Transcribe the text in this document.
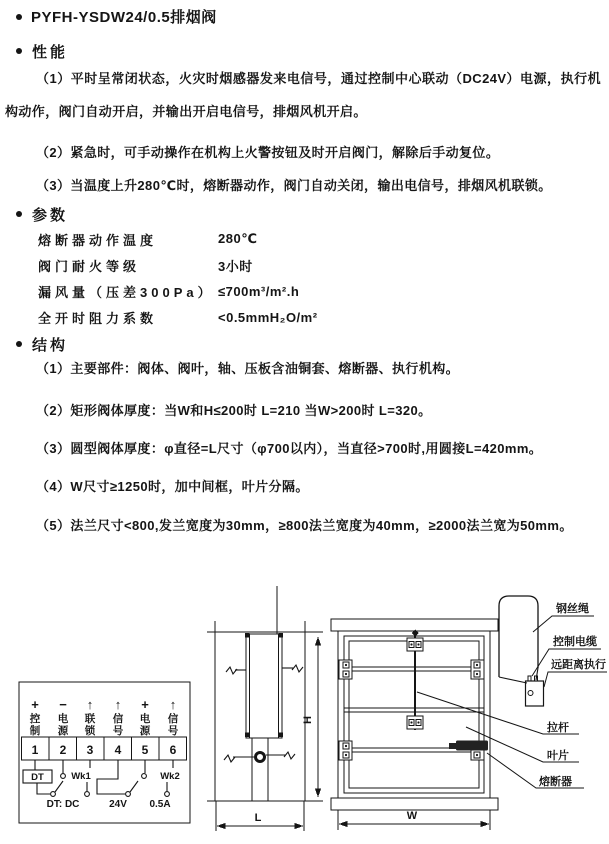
PYFH-YSDW24/0.5排烟阀
性能

（1）平时呈常闭状态，火灾时烟感器发来电信号，通过控制中心联动（DC24V）电源，执行机构动作，阀门自动开启，并输出开启电信号，排烟风机开启。

（2）紧急时，可手动操作在机构上火警按钮及时开启阀门，解除后手动复位。

（3）当温度上升280℃时，熔断器动作，阀门自动关闭，输出电信号，排烟风机联锁。

参数
熔断器动作温度	280℃
阀门耐火等级	3小时
漏风量（压差300Pa） ≤700m³/m².h
全开时阻力系数	<0.5mmH₂O/m²
结构

（1）主要部件：阀体、阀叶，轴、压板含油铜套、熔断器、执行机构。

（2）矩形阀体厚度：当W和H≤200时 L=210 当W>200时 L=320。

（3）圆型阀体厚度：φ直径=L尺寸（φ700以内），当直径>700时,用圆接L=420mm。

（4）W尺寸≥1250时，加中间框，叶片分隔。

（5）法兰尺寸<800,发兰宽度为30mm，≥800法兰宽度为40mm，≥2000法兰宽为50mm。

+ − ↑ ↑ + ↑
控
制
电
源
联
锁
信
号
电
源
信
号
1 2 3 4 5 6
DT	Wk1	Wk2
DT: DC	24V 0.5A
H
L
钢丝绳
控制电缆
远距离执行
拉杆
叶片
熔断器
W
